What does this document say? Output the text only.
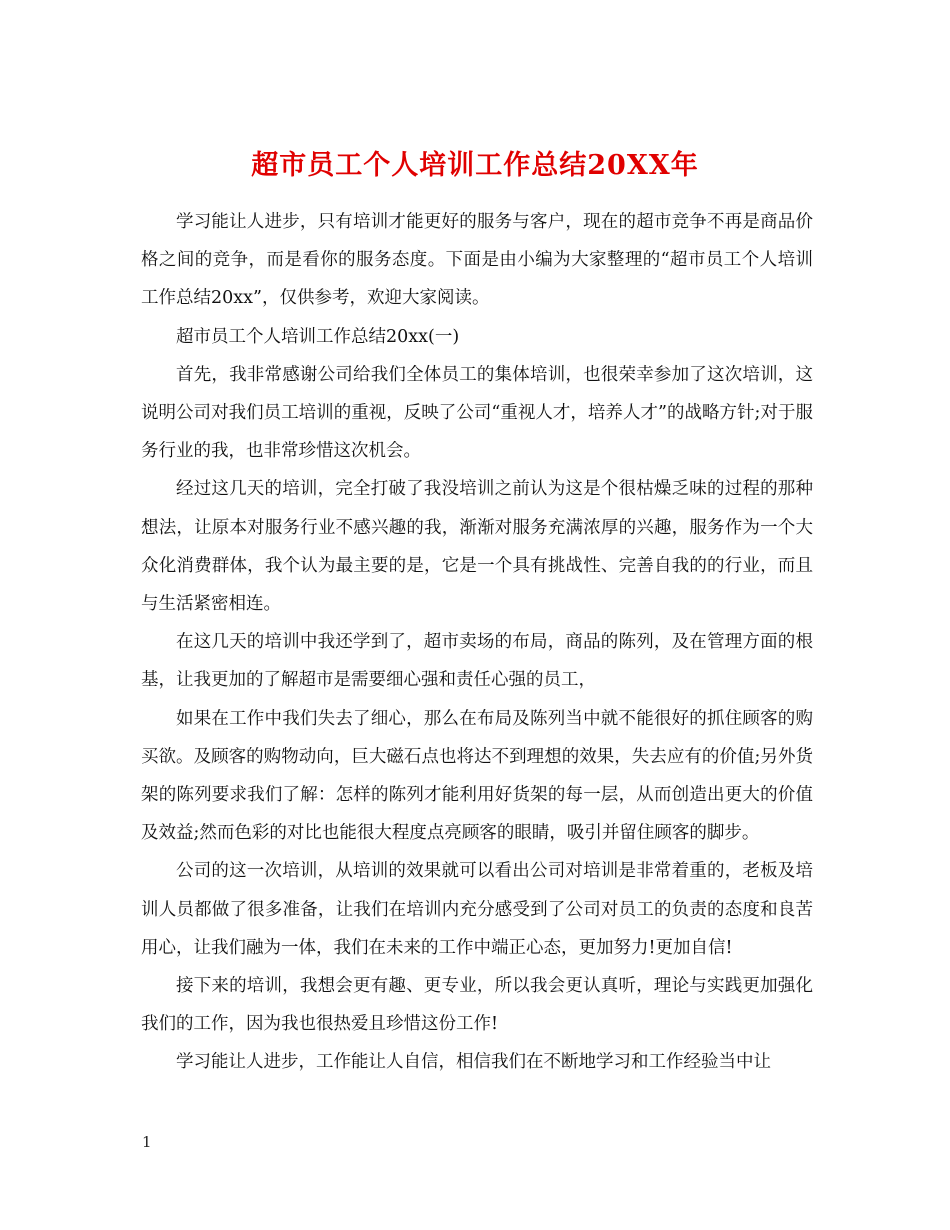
超市员工个人培训工作总结20XX年

学习能让人进步，只有培训才能更好的服务与客户，现在的超市竞争不再是商品价格之间的竞争，而是看你的服务态度。下面是由小编为大家整理的“超市员工个人培训工作总结20xx”，仅供参考，欢迎大家阅读。

超市员工个人培训工作总结20xx(一)

首先，我非常感谢公司给我们全体员工的集体培训，也很荣幸参加了这次培训，这说明公司对我们员工培训的重视，反映了公司“重视人才，培养人才”的战略方针;对于服务行业的我，也非常珍惜这次机会。

经过这几天的培训，完全打破了我没培训之前认为这是个很枯燥乏味的过程的那种想法，让原本对服务行业不感兴趣的我，渐渐对服务充满浓厚的兴趣，服务作为一个大众化消费群体，我个认为最主要的是，它是一个具有挑战性、完善自我的的行业，而且与生活紧密相连。

在这几天的培训中我还学到了，超市卖场的布局，商品的陈列，及在管理方面的根基，让我更加的了解超市是需要细心强和责任心强的员工，

如果在工作中我们失去了细心，那么在布局及陈列当中就不能很好的抓住顾客的购买欲。及顾客的购物动向，巨大磁石点也将达不到理想的效果，失去应有的价值;另外货架的陈列要求我们了解：怎样的陈列才能利用好货架的每一层，从而创造出更大的价值及效益;然而色彩的对比也能很大程度点亮顾客的眼睛，吸引并留住顾客的脚步。

公司的这一次培训，从培训的效果就可以看出公司对培训是非常着重的，老板及培训人员都做了很多准备，让我们在培训内充分感受到了公司对员工的负责的态度和良苦用心，让我们融为一体，我们在未来的工作中端正心态，更加努力!更加自信!

接下来的培训，我想会更有趣、更专业，所以我会更认真听，理论与实践更加强化我们的工作，因为我也很热爱且珍惜这份工作!

学习能让人进步，工作能让人自信，相信我们在不断地学习和工作经验当中让

1
